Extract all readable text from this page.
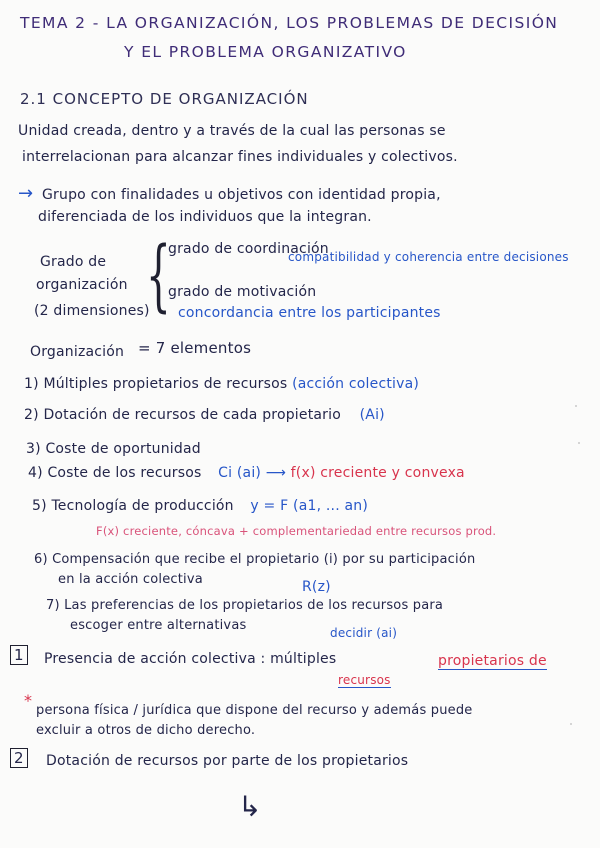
TEMA 2 - LA ORGANIZACIÓN, LOS PROBLEMAS DE DECISIÓN
Y EL PROBLEMA ORGANIZATIVO
2.1 CONCEPTO DE ORGANIZACIÓN
Unidad creada, dentro y a través de la cual las personas se
interrelacionan para alcanzar fines individuales y colectivos.
→ Grupo con finalidades u objetivos con identidad propia,
diferenciada de los individuos que la integran.
Grado de
organización
(2 dimensiones)
{
grado de coordinación
compatibilidad y coherencia entre decisiones
grado de motivación
concordancia entre los participantes
Organización = 7 elementos
1) Múltiples propietarios de recursos (acción colectiva)
2) Dotación de recursos de cada propietario (Ai)
3) Coste de oportunidad
4) Coste de los recursos Ci (ai) ⟶ f(x) creciente y convexa
5) Tecnología de producción y = F (a1, ... an)
F(x) creciente, cóncava + complementariedad entre recursos prod.
6) Compensación que recibe el propietario (i) por su participación
en la acción colectiva	R(z)
7) Las preferencias de los propietarios de los recursos para
escoger entre alternativas	decidir (ai)
1 Presencia de acción colectiva : múltiples	propietarios de
recursos
*
persona física / jurídica que dispone del recurso y además puede
excluir a otros de dicho derecho.
2 Dotación de recursos por parte de los propietarios
↳
